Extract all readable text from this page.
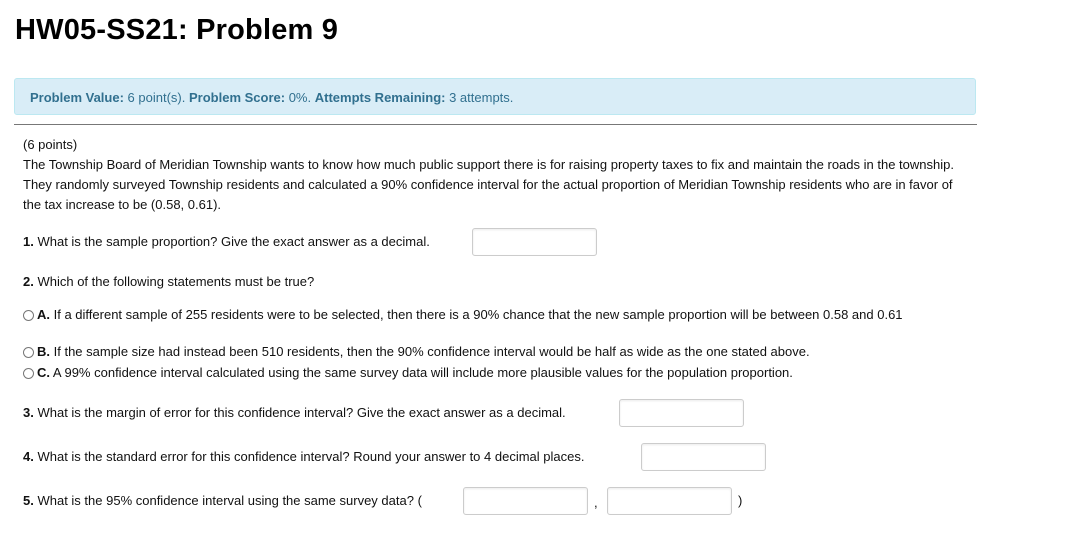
HW05-SS21: Problem 9
Problem Value: 6 point(s). Problem Score: 0%. Attempts Remaining: 3 attempts.

(6 points)

The Township Board of Meridian Township wants to know how much public support there is for raising property taxes to fix and maintain the roads in the township. They randomly surveyed Township residents and calculated a 90% confidence interval for the actual proportion of Meridian Township residents who are in favor of the tax increase to be (0.58, 0.61).

1. What is the sample proportion? Give the exact answer as a decimal.
2. Which of the following statements must be true?
A. If a different sample of 255 residents were to be selected, then there is a 90% chance that the new sample proportion will be between 0.58 and 0.61
B. If the sample size had instead been 510 residents, then the 90% confidence interval would be half as wide as the one stated above.
C. A 99% confidence interval calculated using the same survey data will include more plausible values for the population proportion.
3. What is the margin of error for this confidence interval? Give the exact answer as a decimal.
4. What is the standard error for this confidence interval? Round your answer to 4 decimal places.
5. What is the 95% confidence interval using the same survey data? (	,	)
